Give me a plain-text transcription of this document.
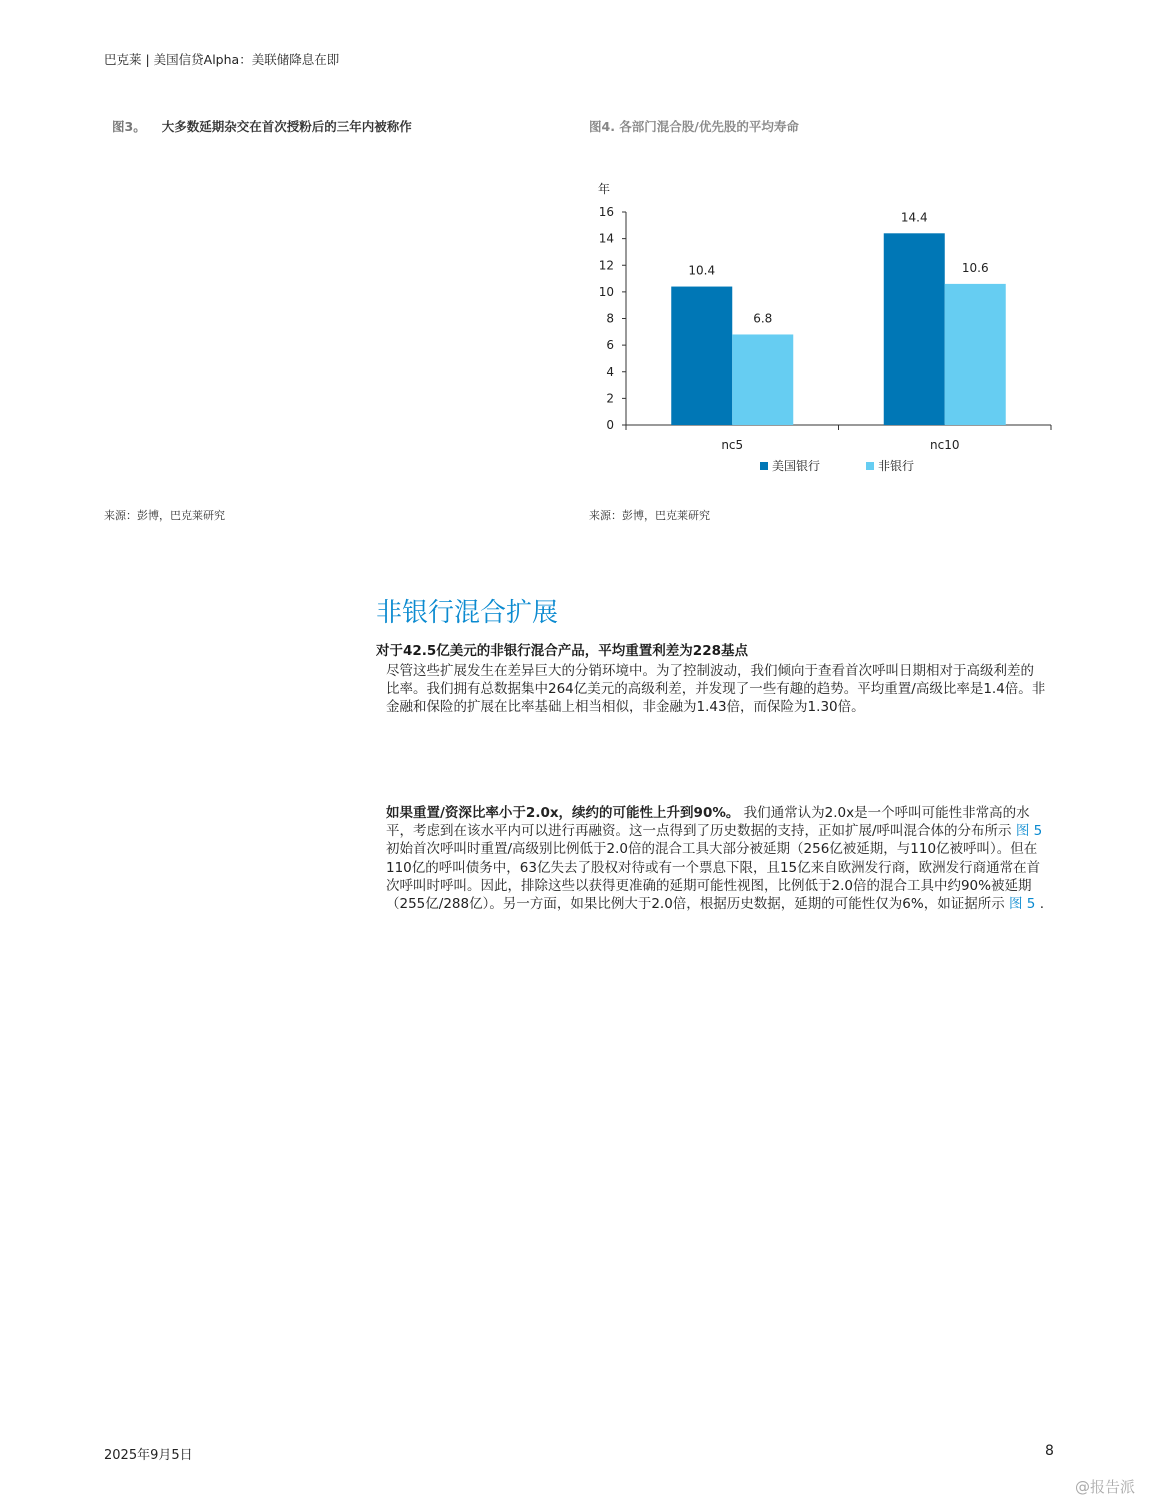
巴克莱 | 美国信贷Alpha：美联储降息在即
图3。 大多数延期杂交在首次授粉后的三年内被称作	图4. 各部门混合股/优先股的平均寿命
年
0
2
4
6
8
10
12
14
16
nc5
10.4
6.8
nc10
14.4
10.6
美国银行	非银行
来源：彭博，巴克莱研究	来源：彭博，巴克莱研究
非银行混合扩展
对于42.5亿美元的非银行混合产品，平均重置利差为228基点

尽管这些扩展发生在差异巨大的分销环境中。为了控制波动，我们倾向于查看首次呼叫日期相对于高级利差的比率。我们拥有总数据集中264亿美元的高级利差，并发现了一些有趣的趋势。平均重置/高级比率是1.4倍。非金融和保险的扩展在比率基础上相当相似，非金融为1.43倍，而保险为1.30倍。

如果重置/资深比率小于2.0x，续约的可能性上升到90%。 我们通常认为2.0x是一个呼叫可能性非常高的水平，考虑到在该水平内可以进行再融资。这一点得到了历史数据的支持，正如扩展/呼叫混合体的分布所示 图 5 初始首次呼叫时重置/高级别比例低于2.0倍的混合工具大部分被延期（256亿被延期，与110亿被呼叫）。但在110亿的呼叫债务中，63亿失去了股权对待或有一个票息下限，且15亿来自欧洲发行商，欧洲发行商通常在首次呼叫时呼叫。因此，排除这些以获得更准确的延期可能性视图，比例低于2.0倍的混合工具中约90%被延期（255亿/288亿）。另一方面，如果比例大于2.0倍，根据历史数据，延期的可能性仅为6%，如证据所示 图 5 .

2025年9月5日	8
@报告派
